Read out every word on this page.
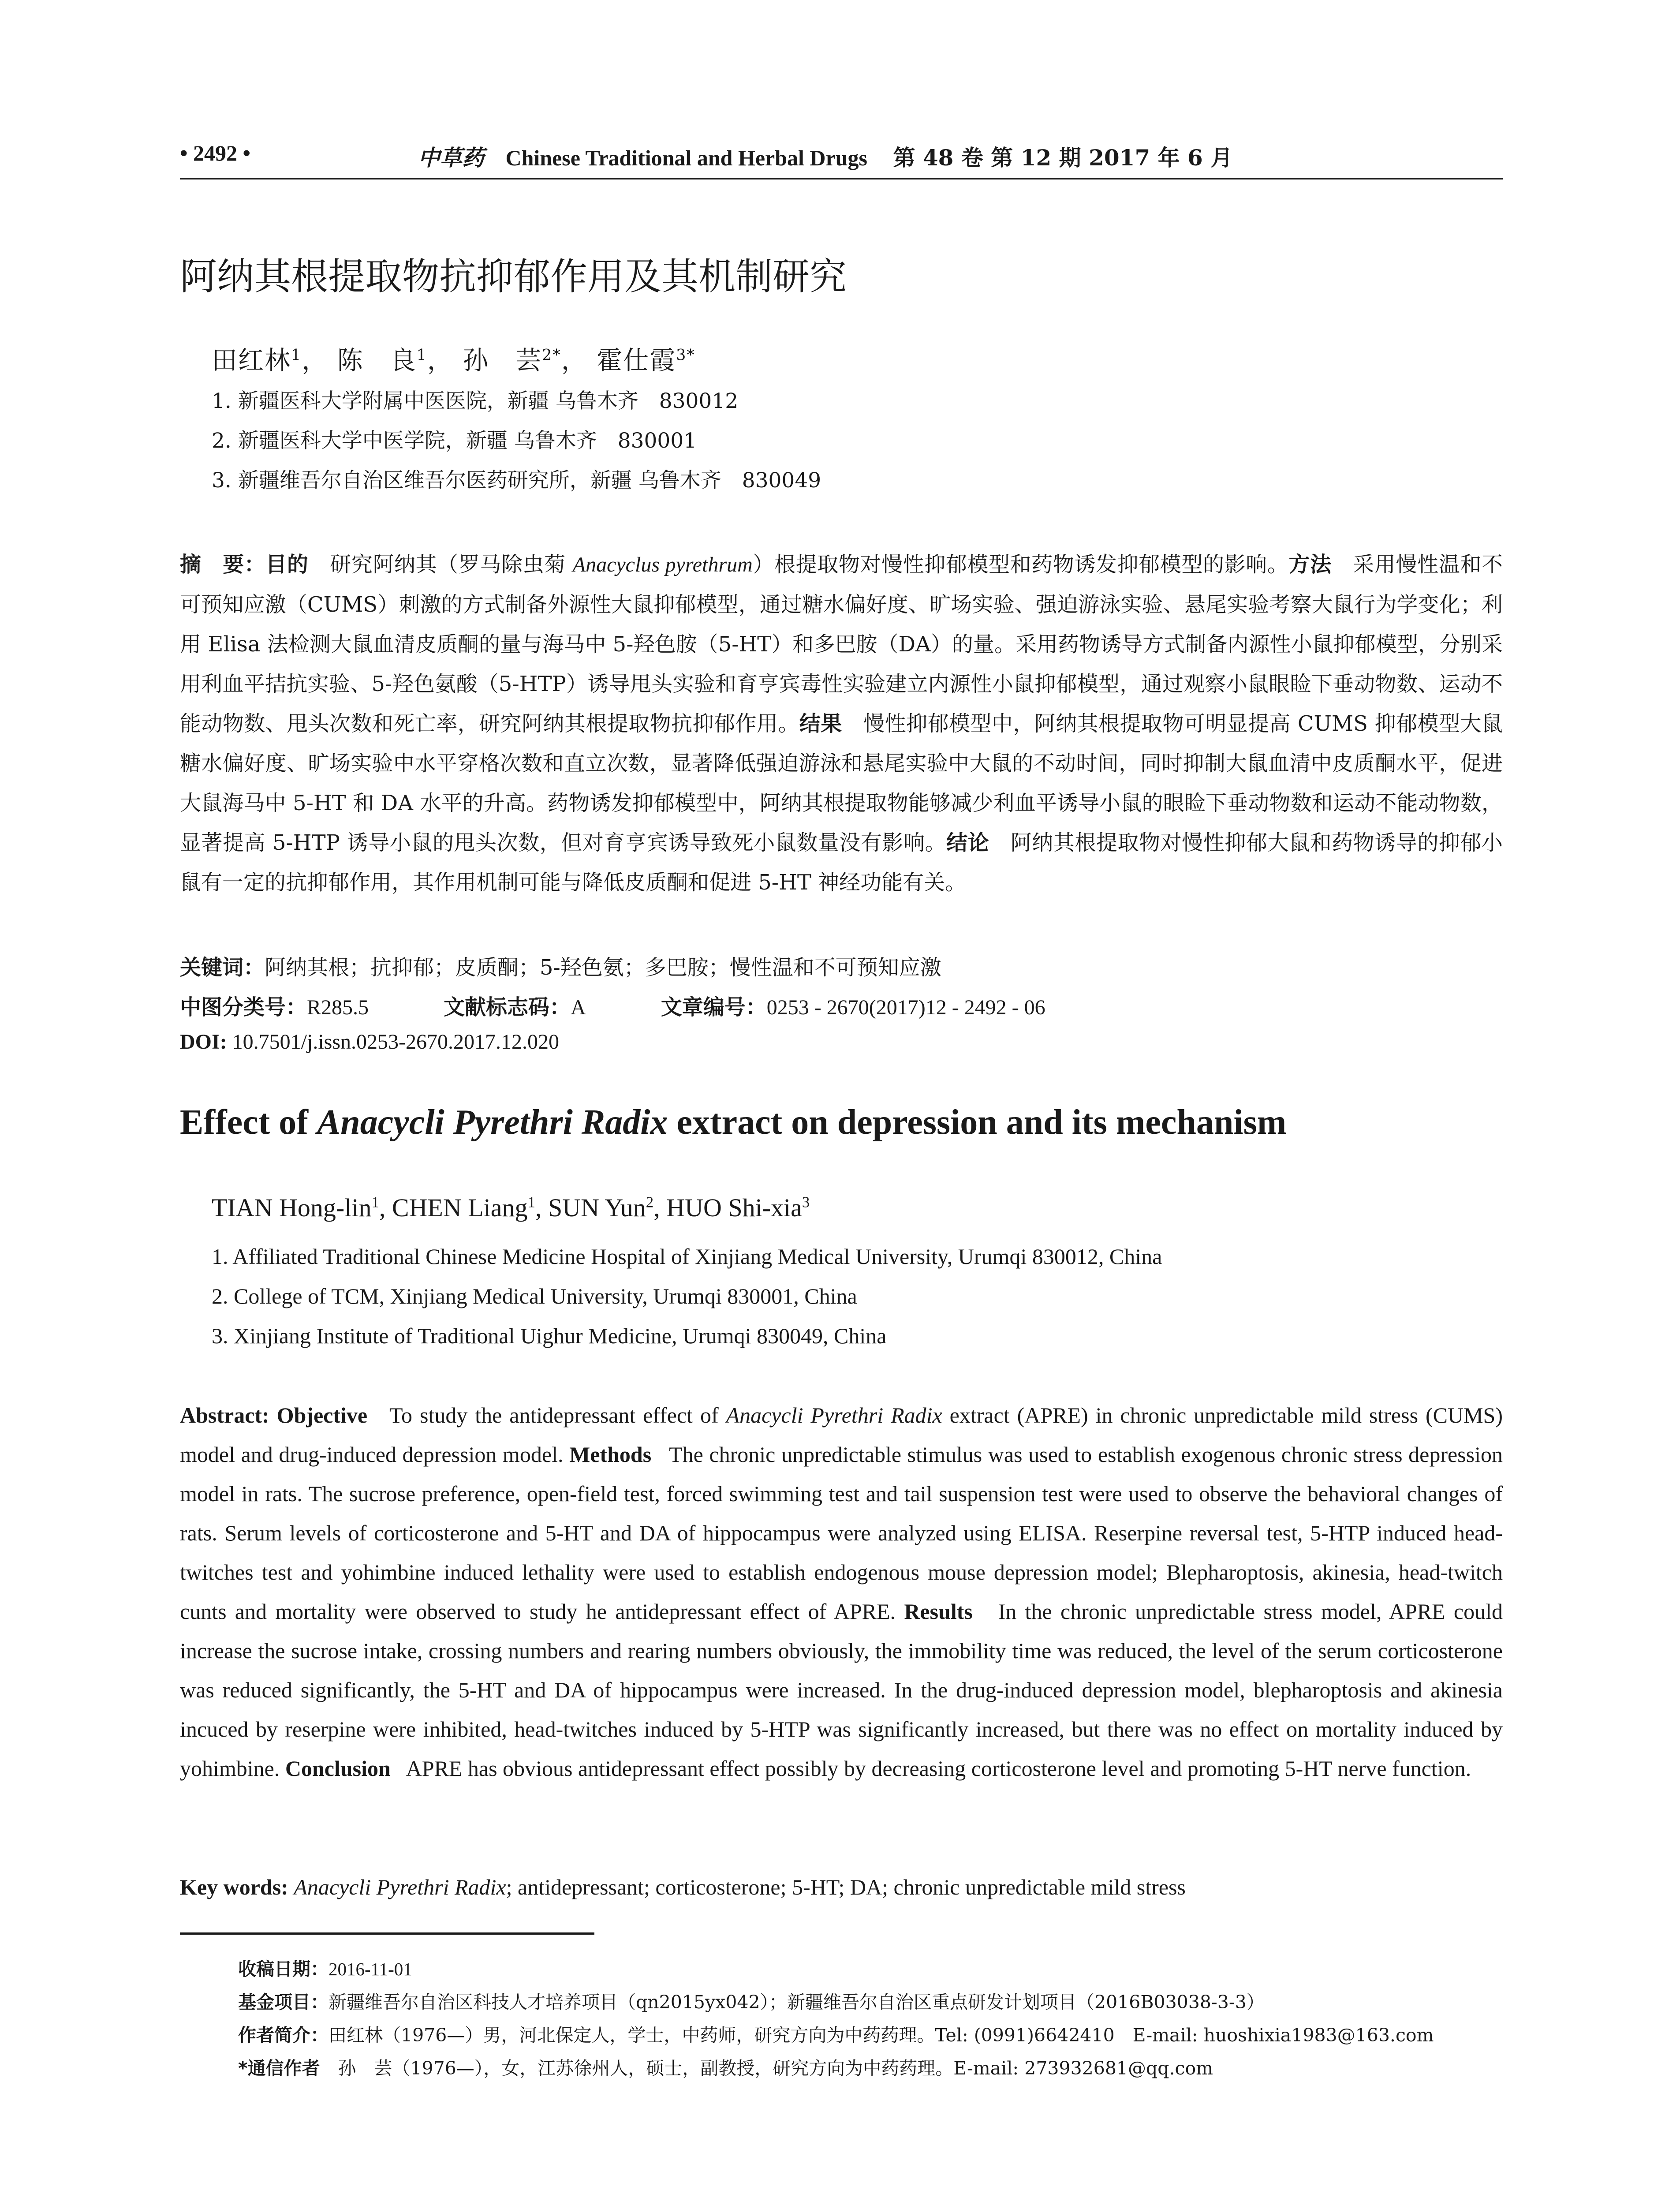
• 2492 •	中草药 Chinese Traditional and Herbal Drugs 第 48 卷 第 12 期 2017 年 6 月
阿纳其根提取物抗抑郁作用及其机制研究
田红林$^1$， 陈　良$^1$， 孙　芸$^{2*}$， 霍仕霞$^{3*}$
1. 新疆医科大学附属中医医院，新疆 乌鲁木齐　830012
2. 新疆医科大学中医学院，新疆 乌鲁木齐　830001
3. 新疆维吾尔自治区维吾尔医药研究所，新疆 乌鲁木齐　830049
摘　要：目的　 研究阿纳其（罗马除虫菊 Anacyclus pyrethrum）根提取物对慢性抑郁模型和药物诱发抑郁模型的影响。方法　 采用慢性温和不可预知应激（CUMS）刺激的方式制备外源性大鼠抑郁模型，通过糖水偏好度、旷场实验、强迫游泳实验、悬尾实验考察大鼠行为学变化；利用 Elisa 法检测大鼠血清皮质酮的量与海马中 5-羟色胺（5-HT）和多巴胺（DA）的量。采用药物诱导方式制备内源性小鼠抑郁模型，分别采用利血平拮抗实验、5-羟色氨酸（5-HTP）诱导甩头实验和育亨宾毒性实验建立内源性小鼠抑郁模型，通过观察小鼠眼睑下垂动物数、运动不能动物数、甩头次数和死亡率，研究阿纳其根提取物抗抑郁作用。结果　 慢性抑郁模型中，阿纳其根提取物可明显提高 CUMS 抑郁模型大鼠糖水偏好度、旷场实验中水平穿格次数和直立次数，显著降低强迫游泳和悬尾实验中大鼠的不动时间，同时抑制大鼠血清中皮质酮水平，促进大鼠海马中 5-HT 和 DA 水平的升高。药物诱发抑郁模型中，阿纳其根提取物能够减少利血平诱导小鼠的眼睑下垂动物数和运动不能动物数，显著提高 5-HTP 诱导小鼠的甩头次数，但对育亨宾诱导致死小鼠数量没有影响。结论　 阿纳其根提取物对慢性抑郁大鼠和药物诱导的抑郁小鼠有一定的抗抑郁作用，其作用机制可能与降低皮质酮和促进 5-HT 神经功能有关。
关键词：阿纳其根；抗抑郁；皮质酮；5-羟色氨；多巴胺；慢性温和不可预知应激
中图分类号：R285.5	文献标志码：A	文章编号：0253 - 2670(2017)12 - 2492 - 06
DOI: 10.7501/j.issn.0253-2670.2017.12.020
Effect of Anacycli Pyrethri Radix extract on depression and its mechanism
TIAN Hong-lin$^1$, CHEN Liang$^1$, SUN Yun$^2$, HUO Shi-xia$^3$
1. Affiliated Traditional Chinese Medicine Hospital of Xinjiang Medical University, Urumqi 830012, China
2. College of TCM, Xinjiang Medical University, Urumqi 830001, China
3. Xinjiang Institute of Traditional Uighur Medicine, Urumqi 830049, China
Abstract: Objective To study the antidepressant effect of Anacycli Pyrethri Radix extract (APRE) in chronic unpredictable mild stress (CUMS) model and drug-induced depression model. Methods The chronic unpredictable stimulus was used to establish exogenous chronic stress depression model in rats. The sucrose preference, open-field test, forced swimming test and tail suspension test were used to observe the behavioral changes of rats. Serum levels of corticosterone and 5-HT and DA of hippocampus were analyzed using ELISA. Reserpine reversal test, 5-HTP induced head-twitches test and yohimbine induced lethality were used to establish endogenous mouse depression model; Blepharoptosis, akinesia, head-twitch cunts and mortality were observed to study he antidepressant effect of APRE. Results In the chronic unpredictable stress model, APRE could increase the sucrose intake, crossing numbers and rearing numbers obviously, the immobility time was reduced, the level of the serum corticosterone was reduced significantly, the 5-HT and DA of hippocampus were increased. In the drug-induced depression model, blepharoptosis and akinesia incuced by reserpine were inhibited, head-twitches induced by 5-HTP was significantly increased, but there was no effect on mortality induced by yohimbine. Conclusion APRE has obvious antidepressant effect possibly by decreasing corticosterone level and promoting 5-HT nerve function.
Key words: Anacycli Pyrethri Radix; antidepressant; corticosterone; 5-HT; DA; chronic unpredictable mild stress
收稿日期：2016-11-01
基金项目：新疆维吾尔自治区科技人才培养项目（qn2015yx042）；新疆维吾尔自治区重点研发计划项目（2016B03038-3-3）
作者简介：田红林（1976—）男，河北保定人，学士，中药师，研究方向为中药药理。Tel: (0991)6642410　E-mail: huoshixia1983@163.com
*通信作者　孙　芸（1976—），女，江苏徐州人，硕士，副教授，研究方向为中药药理。E-mail: 273932681@qq.com
